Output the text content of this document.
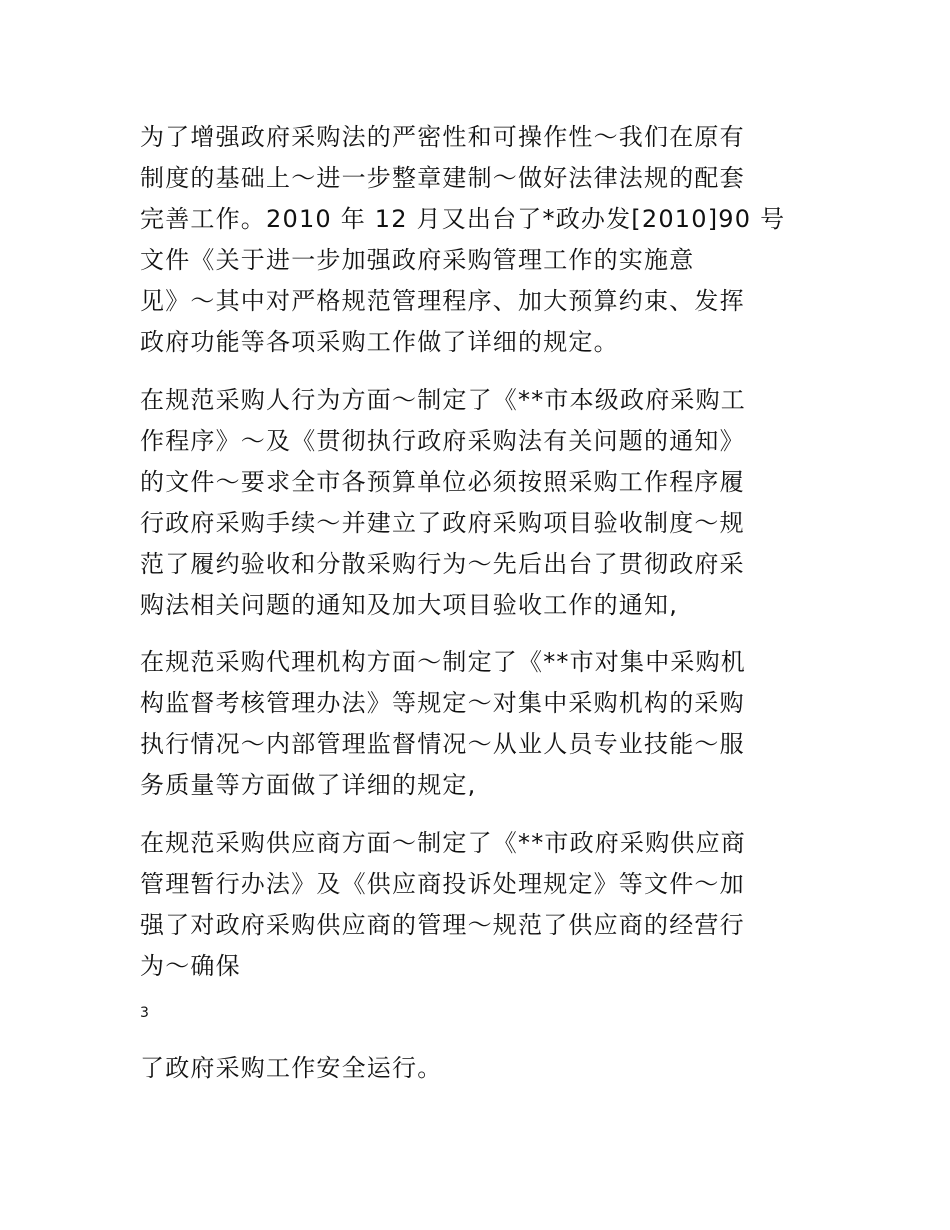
为了增强政府采购法的严密性和可操作性～我们在原有
制度的基础上～进一步整章建制～做好法律法规的配套
完善工作。2010 年 12 月又出台了*政办发[2010]90 号
文件《关于进一步加强政府采购管理工作的实施意
见》～其中对严格规范管理程序、加大预算约束、发挥
政府功能等各项采购工作做了详细的规定。
在规范采购人行为方面～制定了《**市本级政府采购工
作程序》～及《贯彻执行政府采购法有关问题的通知》
的文件～要求全市各预算单位必须按照采购工作程序履
行政府采购手续～并建立了政府采购项目验收制度～规
范了履约验收和分散采购行为～先后出台了贯彻政府采
购法相关问题的通知及加大项目验收工作的通知,
在规范采购代理机构方面～制定了《**市对集中采购机
构监督考核管理办法》等规定～对集中采购机构的采购
执行情况～内部管理监督情况～从业人员专业技能～服
务质量等方面做了详细的规定,
在规范采购供应商方面～制定了《**市政府采购供应商
管理暂行办法》及《供应商投诉处理规定》等文件～加
强了对政府采购供应商的管理～规范了供应商的经营行
为～确保
3
了政府采购工作安全运行。
